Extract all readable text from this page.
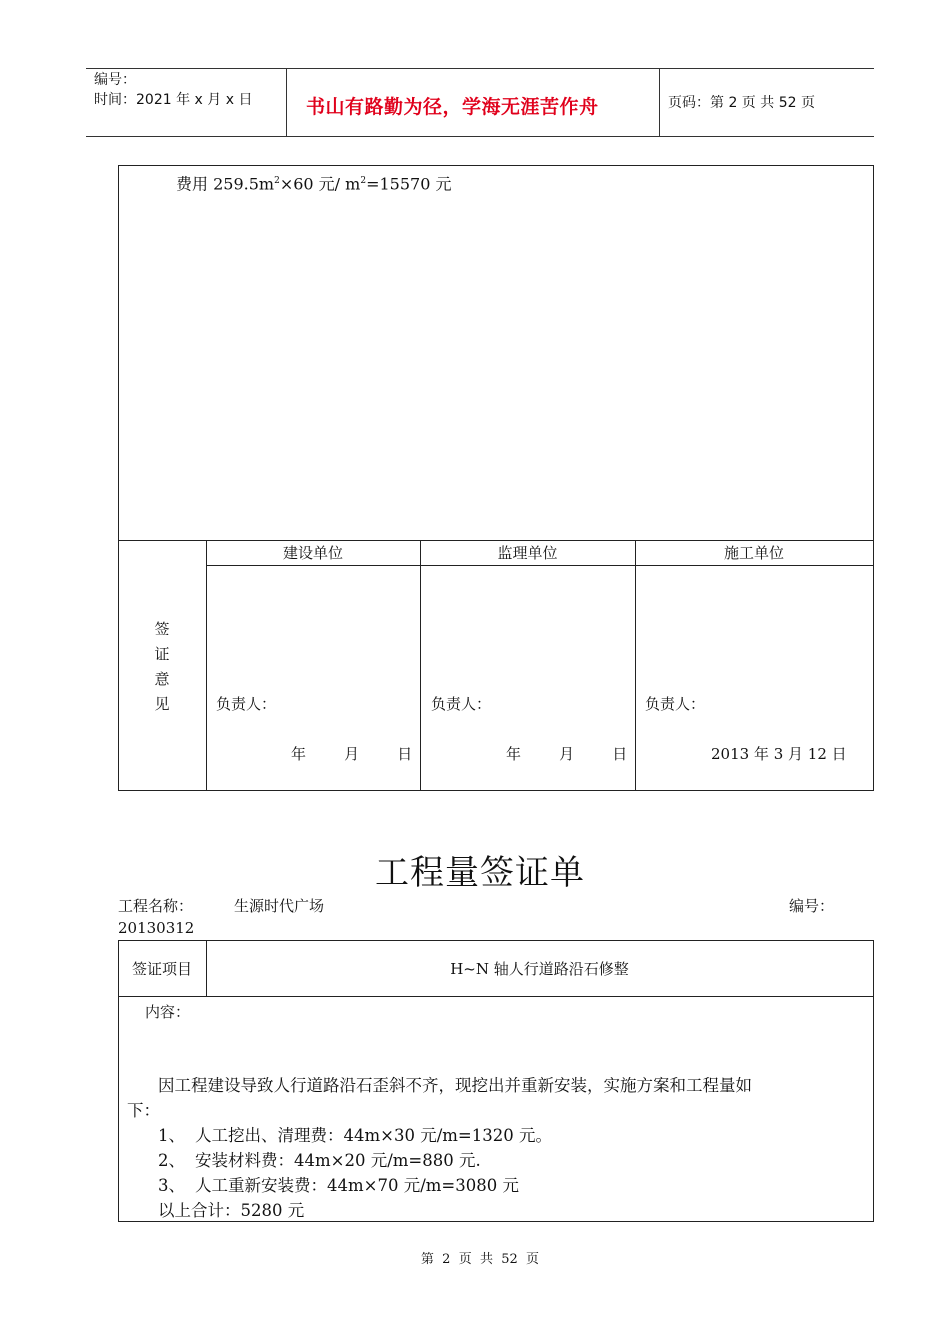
编号：
时间：2021 年 x 月 x 日	书山有路勤为径，学海无涯苦作舟	页码：第 2 页 共 52 页
费用 $259.5m^2\times 60$ 元/ $m^2=15570$ 元
签
证
意
见
建设单位	监理单位	施工单位
负责人：	负责人：	负责人：
年        月        日	年        月        日	2013 年 3 月 12 日
工程量签证单
工程名称：	生源时代广场	编号：
20130312
签证项目	H~N 轴人行道路沿石修整
内容：
因工程建设导致人行道路沿石歪斜不齐，现挖出并重新安装，实施方案和工程量如
下：
1、 人工挖出、清理费：44m×30 元/m=1320 元。
2、 安装材料费：44m×20 元/m=880 元.
3、 人工重新安装费：44m×70 元/m=3080 元
以上合计：5280 元
第  2  页  共  52  页
